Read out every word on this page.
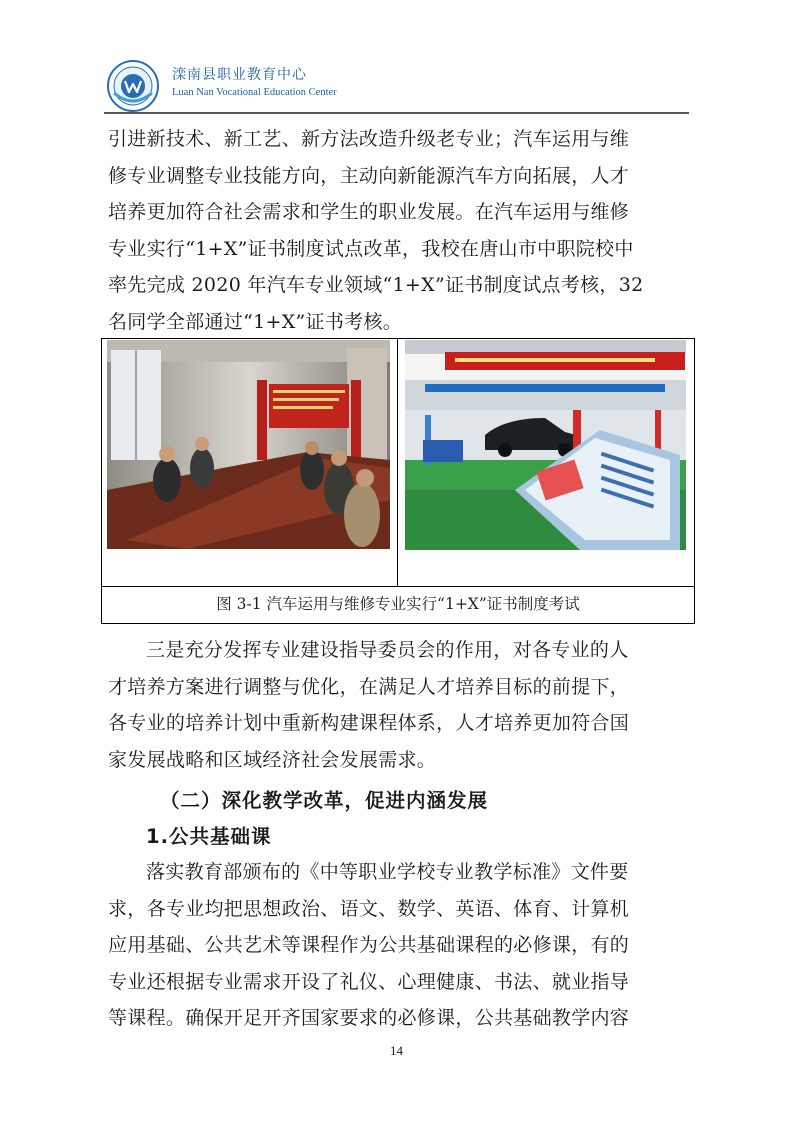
滦南县职业教育中心
Luan Nan Vocational Education Center
引进新技术、新工艺、新方法改造升级老专业；汽车运用与维
修专业调整专业技能方向，主动向新能源汽车方向拓展，人才
培养更加符合社会需求和学生的职业发展。在汽车运用与维修
专业实行“1+X”证书制度试点改革，我校在唐山市中职院校中
率先完成 2020 年汽车专业领域“1+X”证书制度试点考核，32
名同学全部通过“1+X”证书考核。
图 3-1 汽车运用与维修专业实行“1+X”证书制度考试
三是充分发挥专业建设指导委员会的作用，对各专业的人
才培养方案进行调整与优化，在满足人才培养目标的前提下，
各专业的培养计划中重新构建课程体系，人才培养更加符合国
家发展战略和区域经济社会发展需求。
（二）深化教学改革，促进内涵发展
1.公共基础课
落实教育部颁布的《中等职业学校专业教学标准》文件要
求，各专业均把思想政治、语文、数学、英语、体育、计算机
应用基础、公共艺术等课程作为公共基础课程的必修课，有的
专业还根据专业需求开设了礼仪、心理健康、书法、就业指导
等课程。确保开足开齐国家要求的必修课，公共基础教学内容
14
